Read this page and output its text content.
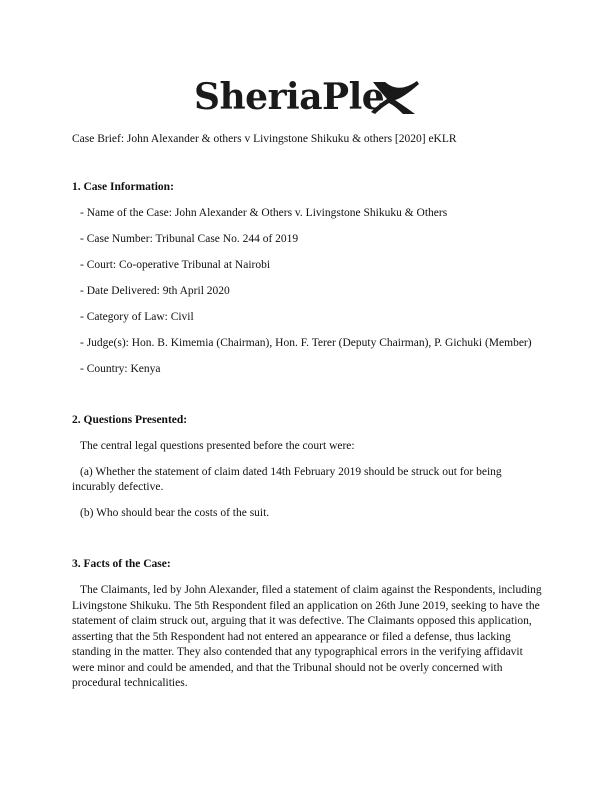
SheriaPle
Case Brief: John Alexander & others v Livingstone Shikuku & others [2020] eKLR
1. Case Information:
- Name of the Case: John Alexander & Others v. Livingstone Shikuku & Others
- Case Number: Tribunal Case No. 244 of 2019
- Court: Co-operative Tribunal at Nairobi
- Date Delivered: 9th April 2020
- Category of Law: Civil
- Judge(s): Hon. B. Kimemia (Chairman), Hon. F. Terer (Deputy Chairman), P. Gichuki (Member)
- Country: Kenya
2. Questions Presented:
The central legal questions presented before the court were:
(a) Whether the statement of claim dated 14th February 2019 should be struck out for being incurably defective.
(b) Who should bear the costs of the suit.
3. Facts of the Case:

The Claimants, led by John Alexander, filed a statement of claim against the Respondents, including Livingstone Shikuku. The 5th Respondent filed an application on 26th June 2019, seeking to have the statement of claim struck out, arguing that it was defective. The Claimants opposed this application, asserting that the 5th Respondent had not entered an appearance or filed a defense, thus lacking standing in the matter. They also contended that any typographical errors in the verifying affidavit were minor and could be amended, and that the Tribunal should not be overly concerned with procedural technicalities.
